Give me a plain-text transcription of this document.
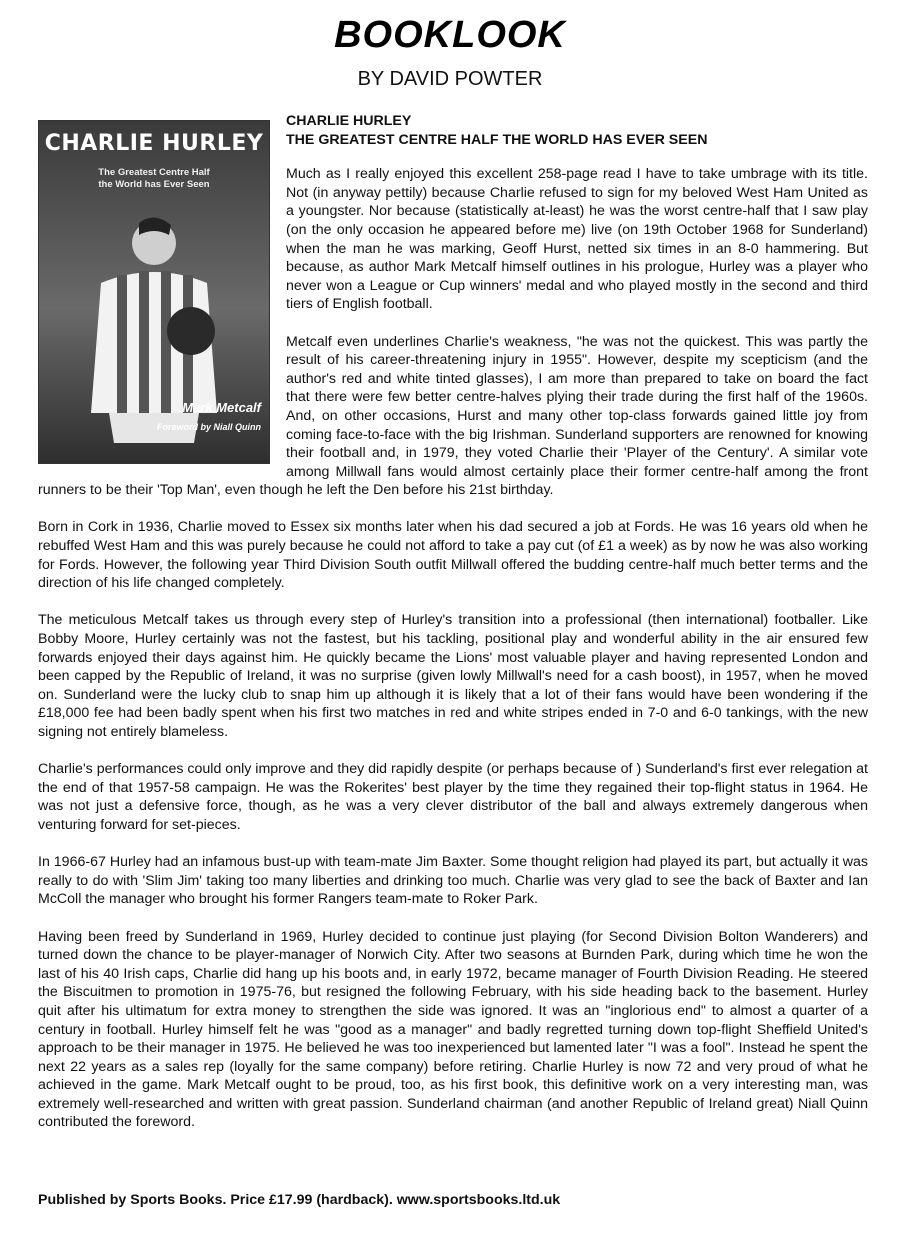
BOOKLOOK
BY DAVID POWTER
CHARLIE HURLEY
The Greatest Centre Half
the World has Ever Seen
Mark Metcalf
Foreword by Niall Quinn
CHARLIE HURLEY
THE GREATEST CENTRE HALF THE WORLD HAS EVER SEEN

Much as I really enjoyed this excellent 258-page read I have to take umbrage with its title. Not (in anyway pettily) because Charlie refused to sign for my beloved West Ham United as a youngster. Nor because (statistically at-least) he was the worst centre-half that I saw play (on the only occasion he appeared before me) live (on 19th October 1968 for Sunderland) when the man he was marking, Geoff Hurst, netted six times in an 8-0 hammering. But because, as author Mark Metcalf himself outlines in his prologue, Hurley was a player who never won a League or Cup winners' medal and who played mostly in the second and third tiers of English football.

Metcalf even underlines Charlie's weakness, "he was not the quickest. This was partly the result of his career-threatening injury in 1955". However, despite my scepticism (and the author's red and white tinted glasses), I am more than prepared to take on board the fact that there were few better centre-halves plying their trade during the first half of the 1960s. And, on other occasions, Hurst and many other top-class forwards gained little joy from coming face-to-face with the big Irishman. Sunderland supporters are renowned for knowing their football and, in 1979, they voted Charlie their 'Player of the Century'. A similar vote among Millwall fans would almost certainly place their former centre-half among the front runners to be their 'Top Man', even though he left the Den before his 21st birthday.

Born in Cork in 1936, Charlie moved to Essex six months later when his dad secured a job at Fords. He was 16 years old when he rebuffed West Ham and this was purely because he could not afford to take a pay cut (of £1 a week) as by now he was also working for Fords. However, the following year Third Division South outfit Millwall offered the budding centre-half much better terms and the direction of his life changed completely.

The meticulous Metcalf takes us through every step of Hurley's transition into a professional (then international) footballer. Like Bobby Moore, Hurley certainly was not the fastest, but his tackling, positional play and wonderful ability in the air ensured few forwards enjoyed their days against him. He quickly became the Lions' most valuable player and having represented London and been capped by the Republic of Ireland, it was no surprise (given lowly Millwall's need for a cash boost), in 1957, when he moved on. Sunderland were the lucky club to snap him up although it is likely that a lot of their fans would have been wondering if the £18,000 fee had been badly spent when his first two matches in red and white stripes ended in 7-0 and 6-0 tankings, with the new signing not entirely blameless.

Charlie's performances could only improve and they did rapidly despite (or perhaps because of ) Sunderland's first ever relegation at the end of that 1957-58 campaign. He was the Rokerites' best player by the time they regained their top-flight status in 1964. He was not just a defensive force, though, as he was a very clever distributor of the ball and always extremely dangerous when venturing forward for set-pieces.

In 1966-67 Hurley had an infamous bust-up with team-mate Jim Baxter. Some thought religion had played its part, but actually it was really to do with 'Slim Jim' taking too many liberties and drinking too much. Charlie was very glad to see the back of Baxter and Ian McColl the manager who brought his former Rangers team-mate to Roker Park.

Having been freed by Sunderland in 1969, Hurley decided to continue just playing (for Second Division Bolton Wanderers) and turned down the chance to be player-manager of Norwich City. After two seasons at Burnden Park, during which time he won the last of his 40 Irish caps, Charlie did hang up his boots and, in early 1972, became manager of Fourth Division Reading. He steered the Biscuitmen to promotion in 1975-76, but resigned the following February, with his side heading back to the basement. Hurley quit after his ultimatum for extra money to strengthen the side was ignored. It was an "inglorious end" to almost a quarter of a century in football. Hurley himself felt he was "good as a manager" and badly regretted turning down top-flight Sheffield United's approach to be their manager in 1975. He believed he was too inexperienced but lamented later "I was a fool". Instead he spent the next 22 years as a sales rep (loyally for the same company) before retiring. Charlie Hurley is now 72 and very proud of what he achieved in the game. Mark Metcalf ought to be proud, too, as his first book, this definitive work on a very interesting man, was extremely well-researched and written with great passion. Sunderland chairman (and another Republic of Ireland great) Niall Quinn contributed the foreword.

Published by Sports Books. Price £17.99 (hardback). www.sportsbooks.ltd.uk
